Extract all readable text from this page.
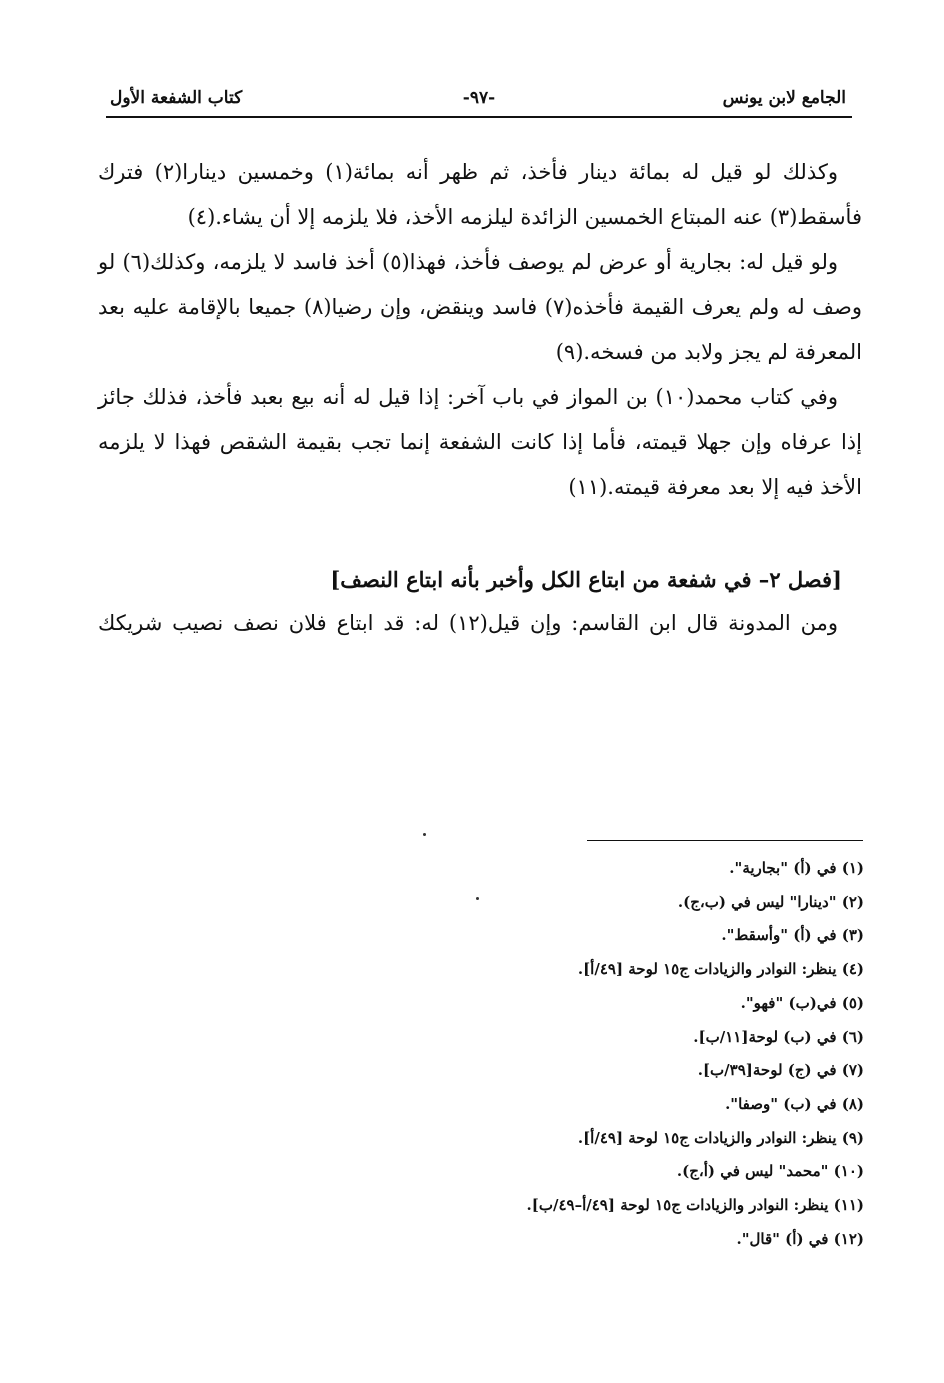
الجامع لابن يونس
-٩٧-
كتاب الشفعة الأول

وكذلك لو قيل له بمائة دينار فأخذ، ثم ظهر أنه بمائة(١) وخمسين دينارا(٢) فترك فأسقط(٣) عنه المبتاع الخمسين الزائدة ليلزمه الأخذ، فلا يلزمه إلا أن يشاء.(٤)

ولو قيل له: بجارية أو عرض لم يوصف فأخذ، فهذا(٥) أخذ فاسد لا يلزمه، وكذلك(٦) لو وصف له ولم يعرف القيمة فأخذه(٧) فاسد وينقض، وإن رضيا(٨) جميعا بالإقامة عليه بعد المعرفة لم يجز ولابد من فسخه.(٩)

وفي كتاب محمد(١٠) بن المواز في باب آخر: إذا قيل له أنه بيع بعبد فأخذ، فذلك جائز إذا عرفاه وإن جهلا قيمته، فأما إذا كانت الشفعة إنما تجب بقيمة الشقص فهذا لا يلزمه الأخذ فيه إلا بعد معرفة قيمته.(١١)

[فصل ٢– في شفعة من ابتاع الكل وأخبر بأنه ابتاع النصف]
ومن المدونة قال ابن القاسم: وإن قيل(١٢) له: قد ابتاع فلان نصف نصيب شريكك
(١) في (أ) "بجارية".
(٢) "دينارا" ليس في (ب،ج).
(٣) في (أ) "وأسقط".
(٤) ينظر: النوادر والزيادات ج١٥ لوحة [٤٩/أ].
(٥) في(ب) "فهو".
(٦) في (ب) لوحة[١١/ب].
(٧) في (ج) لوحة[٣٩/ب].
(٨) في (ب) "وصفا".
(٩) ينظر: النوادر والزيادات ج١٥ لوحة [٤٩/أ].
(١٠) "محمد" ليس في (أ،ج).
(١١) ينظر: النوادر والزيادات ج١٥ لوحة [٤٩/أ–٤٩/ب].
(١٢) في (أ) "قال".
